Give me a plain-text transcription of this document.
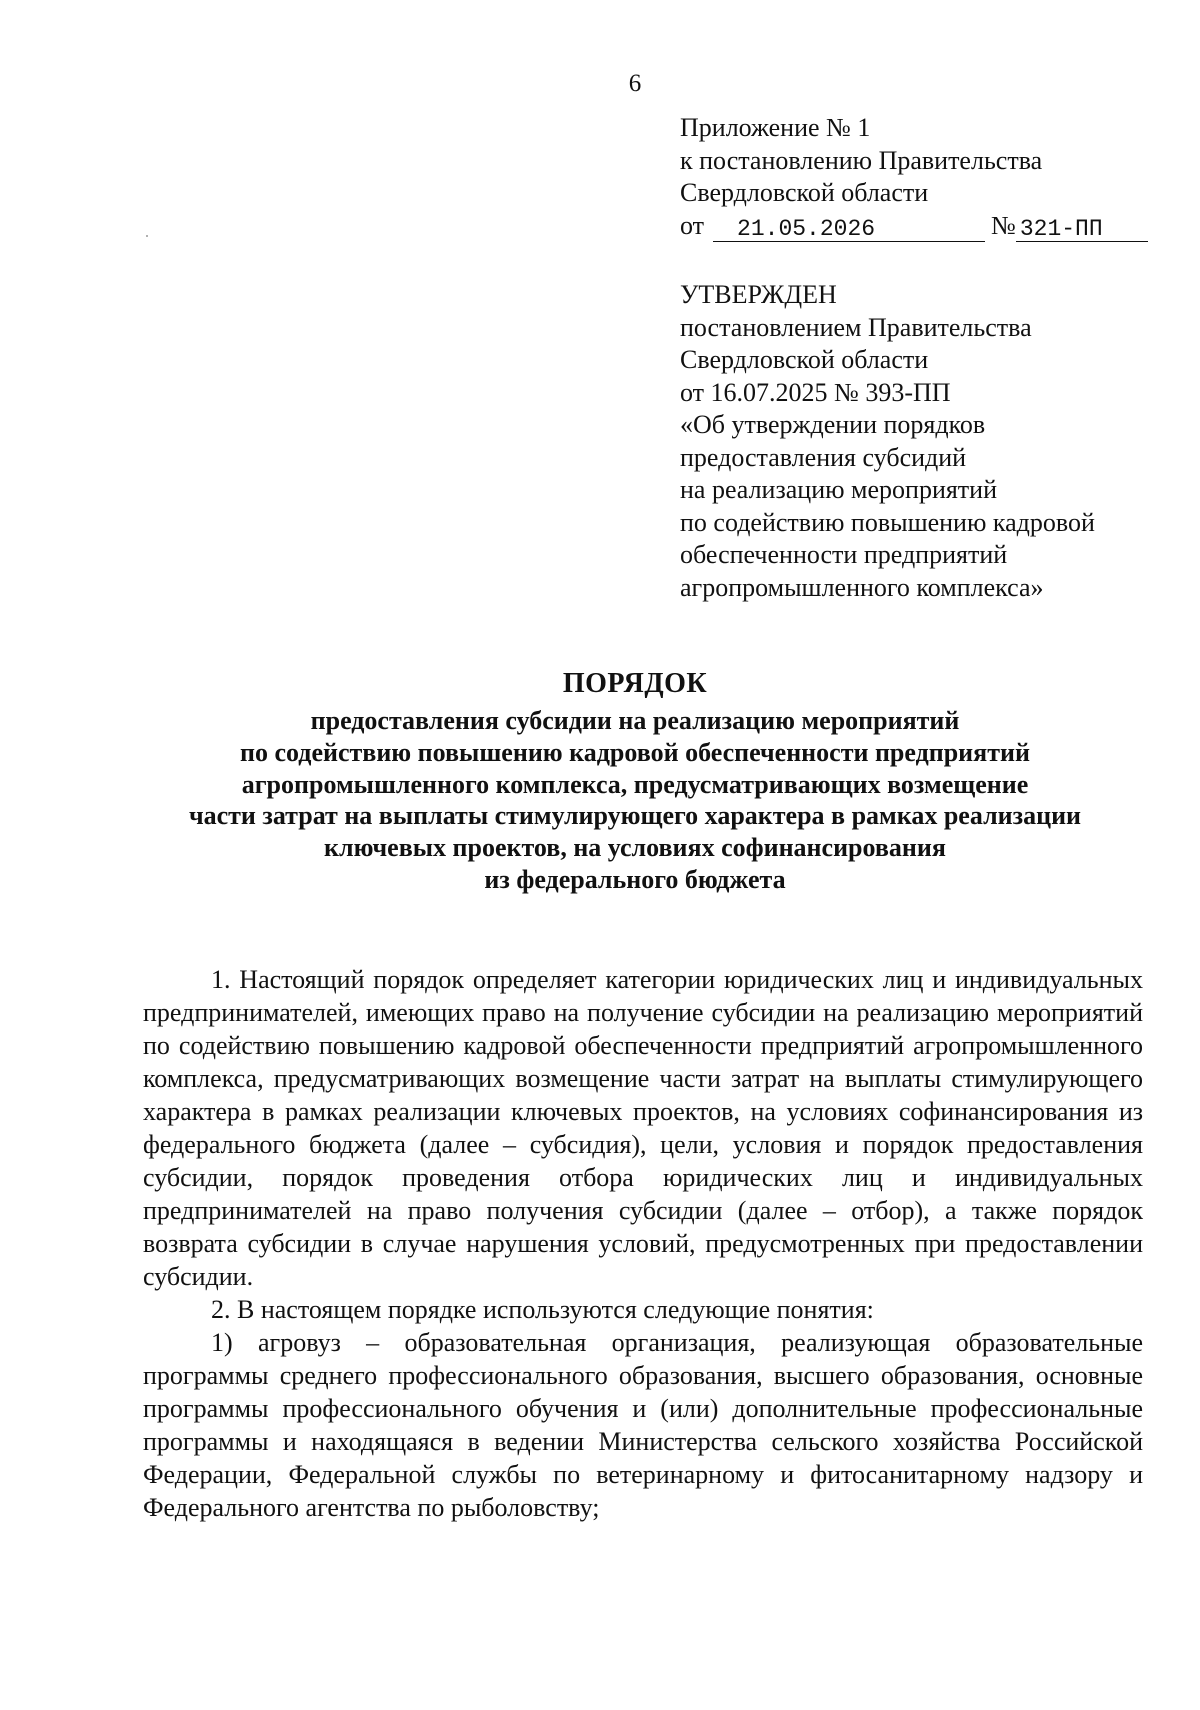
6
Приложение № 1
к постановлению Правительства
Свердловской области
от	21.05.2026	№ 321-ПП
УТВЕРЖДЕН
постановлением Правительства
Свердловской области
от 16.07.2025 № 393-ПП
«Об утверждении порядков
предоставления субсидий
на реализацию мероприятий
по содействию повышению кадровой
обеспеченности предприятий
агропромышленного комплекса»
ПОРЯДОК
предоставления субсидии на реализацию мероприятий
по содействию повышению кадровой обеспеченности предприятий
агропромышленного комплекса, предусматривающих возмещение
части затрат на выплаты стимулирующего характера в рамках реализации
ключевых проектов, на условиях софинансирования
из федерального бюджета

1. Настоящий порядок определяет категории юридических лиц и индивидуальных предпринимателей, имеющих право на получение субсидии на реализацию мероприятий по содействию повышению кадровой обеспеченности предприятий агропромышленного комплекса, предусматривающих возмещение части затрат на выплаты стимулирующего характера в рамках реализации ключевых проектов, на условиях софинансирования из федерального бюджета (далее – субсидия), цели, условия и порядок предоставления субсидии, порядок проведения отбора юридических лиц и индивидуальных предпринимателей на право получения субсидии (далее – отбор), а также порядок возврата субсидии в случае нарушения условий, предусмотренных при предоставлении субсидии.

2. В настоящем порядке используются следующие понятия:

1) агровуз – образовательная организация, реализующая образовательные программы среднего профессионального образования, высшего образования, основные программы профессионального обучения и (или) дополнительные профессиональные программы и находящаяся в ведении Министерства сельского хозяйства Российской Федерации, Федеральной службы по ветеринарному и фитосанитарному надзору и Федерального агентства по рыболовству;
